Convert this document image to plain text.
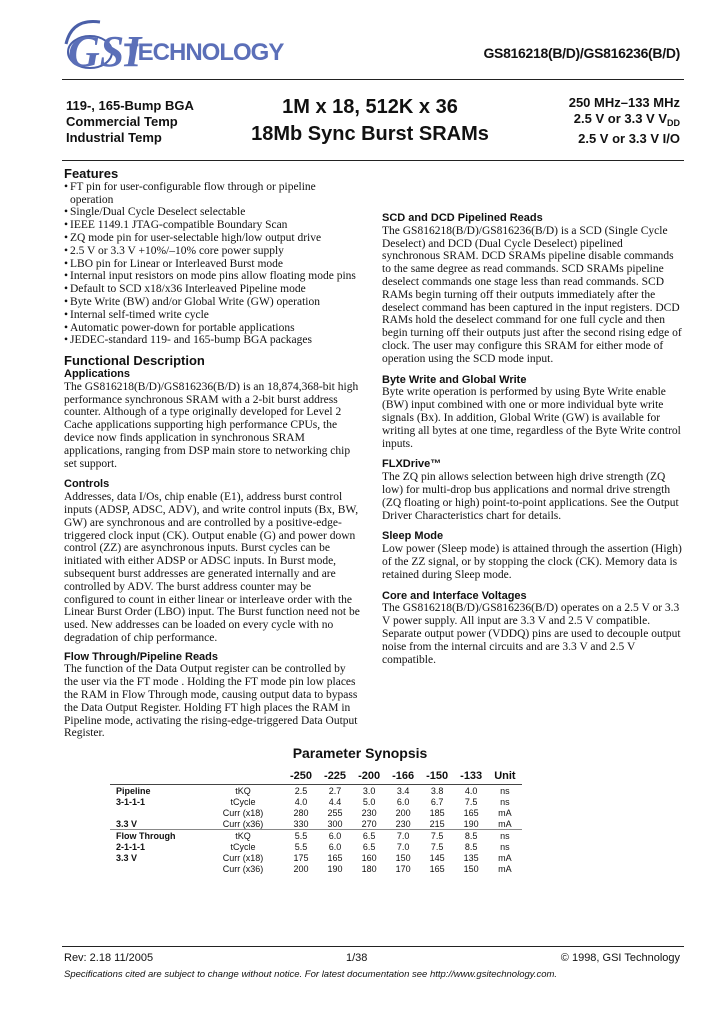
GSI
TECHNOLOGY	GS816218(B/D)/GS816236(B/D)
119-, 165-Bump BGA
Commercial Temp
Industrial Temp
1M x 18, 512K x 36
18Mb Sync Burst SRAMs
250 MHz–133 MHz
2.5 V or 3.3 V $V_{DD}$
2.5 V or 3.3 V I/O
Features
• FT pin for user-configurable flow through or pipeline operation
• Single/Dual Cycle Deselect selectable
• IEEE 1149.1 JTAG-compatible Boundary Scan
• ZQ mode pin for user-selectable high/low output drive
• 2.5 V or 3.3 V +10%/–10% core power supply
• LBO pin for Linear or Interleaved Burst mode
• Internal input resistors on mode pins allow floating mode pins
• Default to SCD x18/x36 Interleaved Pipeline mode
• Byte Write (BW) and/or Global Write (GW) operation
• Internal self-timed write cycle
• Automatic power-down for portable applications
• JEDEC-standard 119- and 165-bump BGA packages
Functional Description
Applications

The GS816218(B/D)/GS816236(B/D) is an 18,874,368-bit high performance synchronous SRAM with a 2-bit burst address counter. Although of a type originally developed for Level 2 Cache applications supporting high performance CPUs, the device now finds application in synchronous SRAM applications, ranging from DSP main store to networking chip set support.

Controls

Addresses, data I/Os, chip enable (E1), address burst control inputs (ADSP, ADSC, ADV), and write control inputs (Bx, BW, GW) are synchronous and are controlled by a positive-edge-triggered clock input (CK). Output enable (G) and power down control (ZZ) are asynchronous inputs. Burst cycles can be initiated with either ADSP or ADSC inputs. In Burst mode, subsequent burst addresses are generated internally and are controlled by ADV. The burst address counter may be configured to count in either linear or interleave order with the Linear Burst Order (LBO) input. The Burst function need not be used. New addresses can be loaded on every cycle with no degradation of chip performance.

Flow Through/Pipeline Reads

The function of the Data Output register can be controlled by the user via the FT mode . Holding the FT mode pin low places the RAM in Flow Through mode, causing output data to bypass the Data Output Register. Holding FT high places the RAM in Pipeline mode, activating the rising-edge-triggered Data Output Register.

SCD and DCD Pipelined Reads

The GS816218(B/D)/GS816236(B/D) is a SCD (Single Cycle Deselect) and DCD (Dual Cycle Deselect) pipelined synchronous SRAM. DCD SRAMs pipeline disable commands to the same degree as read commands. SCD SRAMs pipeline deselect commands one stage less than read commands. SCD RAMs begin turning off their outputs immediately after the deselect command has been captured in the input registers. DCD RAMs hold the deselect command for one full cycle and then begin turning off their outputs just after the second rising edge of clock. The user may configure this SRAM for either mode of operation using the SCD mode input.

Byte Write and Global Write

Byte write operation is performed by using Byte Write enable (BW) input combined with one or more individual byte write signals (Bx). In addition, Global Write (GW) is available for writing all bytes at one time, regardless of the Byte Write control inputs.

FLXDrive™

The ZQ pin allows selection between high drive strength (ZQ low) for multi-drop bus applications and normal drive strength (ZQ floating or high) point-to-point applications. See the Output Driver Characteristics chart for details.

Sleep Mode

Low power (Sleep mode) is attained through the assertion (High) of the ZZ signal, or by stopping the clock (CK). Memory data is retained during Sleep mode.

Core and Interface Voltages

The GS816218(B/D)/GS816236(B/D) operates on a 2.5 V or 3.3 V power supply. All input are 3.3 V and 2.5 V compatible. Separate output power (VDDQ) pins are used to decouple output noise from the internal circuits and are 3.3 V and 2.5 V compatible.

Parameter Synopsis
		-250	-225	-200	-166	-150	-133	Unit
Pipeline	tKQ	2.5	2.7	3.0	3.4	3.8	4.0	ns
3-1-1-1	tCycle	4.0	4.4	5.0	6.0	6.7	7.5	ns
	Curr (x18)	280	255	230	200	185	165	mA
3.3 V	Curr (x36)	330	300	270	230	215	190	mA
Flow Through	tKQ	5.5	6.0	6.5	7.0	7.5	8.5	ns
2-1-1-1	tCycle	5.5	6.0	6.5	7.0	7.5	8.5	ns
3.3 V	Curr (x18)	175	165	160	150	145	135	mA
	Curr (x36)	200	190	180	170	165	150	mA
Rev: 2.18 11/2005	1/38	© 1998, GSI Technology
Specifications cited are subject to change without notice. For latest documentation see http://www.gsitechnology.com.
